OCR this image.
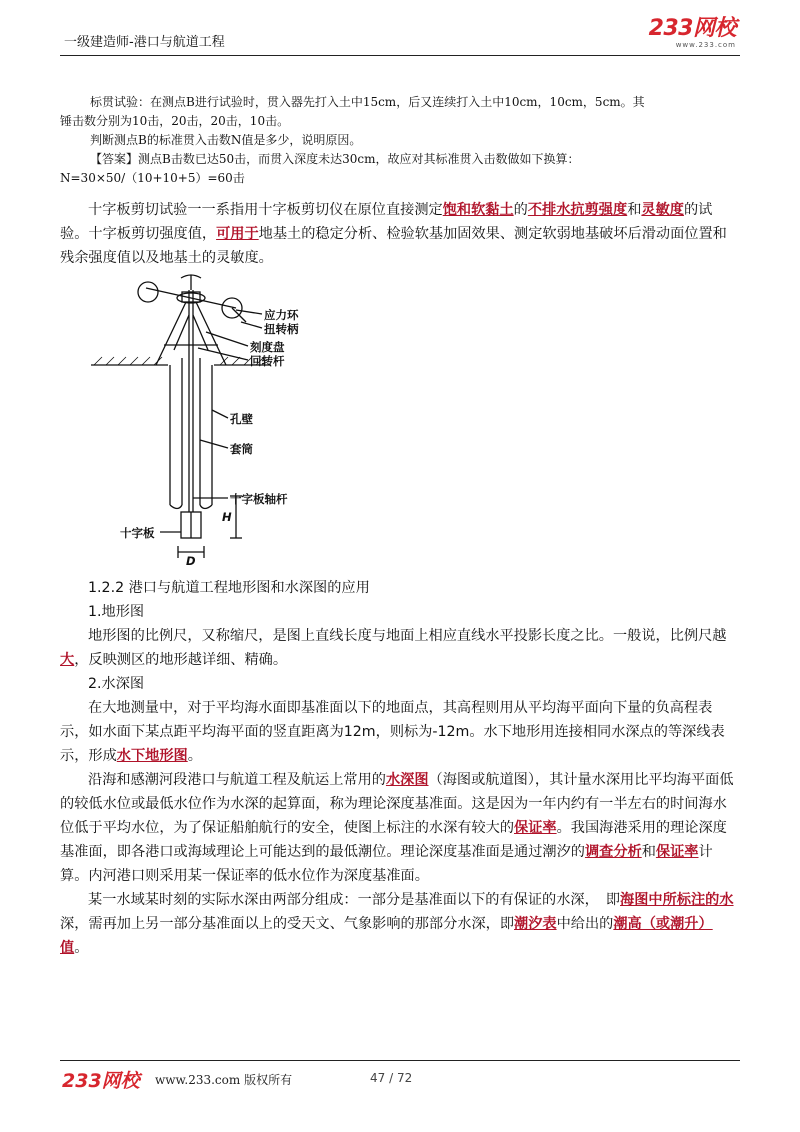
一级建造师-港口与航道工程
233网校
www.233.com

标贯试验：在测点B进行试验时，贯入器先打入土中15cm，后又连续打入土中10cm，10cm，5cm。其

锤击数分别为10击，20击，20击，10击。

判断测点B的标准贯入击数N值是多少，说明原因。

【答案】测点B击数已达50击，而贯入深度未达30cm，故应对其标准贯入击数做如下换算：

N=30×50/（10+10+5）=60击

十字板剪切试验一一系指用十字板剪切仪在原位直接测定饱和软黏土的不排水抗剪强度和灵敏度的试验。十字板剪切强度值，可用于地基土的稳定分析、检验软基加固效果、测定软弱地基破坏后滑动面位置和残余强度值以及地基土的灵敏度。

应力环
扭转柄
刻度盘
回转杆
孔壁
套筒
十字板轴杆
十字板
H
D

1.2.2 港口与航道工程地形图和水深图的应用

1.地形图

地形图的比例尺，又称缩尺，是图上直线长度与地面上相应直线水平投影长度之比。一般说，比例尺越大，反映测区的地形越详细、精确。

2.水深图

在大地测量中，对于平均海水面即基准面以下的地面点，其高程则用从平均海平面向下量的负高程表示，如水面下某点距平均海平面的竖直距离为12m，则标为-12m。水下地形用连接相同水深点的等深线表示，形成水下地形图。

沿海和感潮河段港口与航道工程及航运上常用的水深图（海图或航道图），其计量水深用比平均海平面低的较低水位或最低水位作为水深的起算面，称为理论深度基准面。这是因为一年内约有一半左右的时间海水位低于平均水位，为了保证船舶航行的安全，使图上标注的水深有较大的保证率。我国海港采用的理论深度基准面，即各港口或海域理论上可能达到的最低潮位。理论深度基准面是通过潮汐的调查分析和保证率计算。内河港口则采用某一保证率的低水位作为深度基准面。

某一水域某时刻的实际水深由两部分组成：一部分是基准面以下的有保证的水深，　即海图中所标注的水深，需再加上另一部分基准面以上的受天文、气象影响的那部分水深，即潮汐表中给出的潮高（或潮升）值。

233网校 www.233.com 版权所有	47 / 72
